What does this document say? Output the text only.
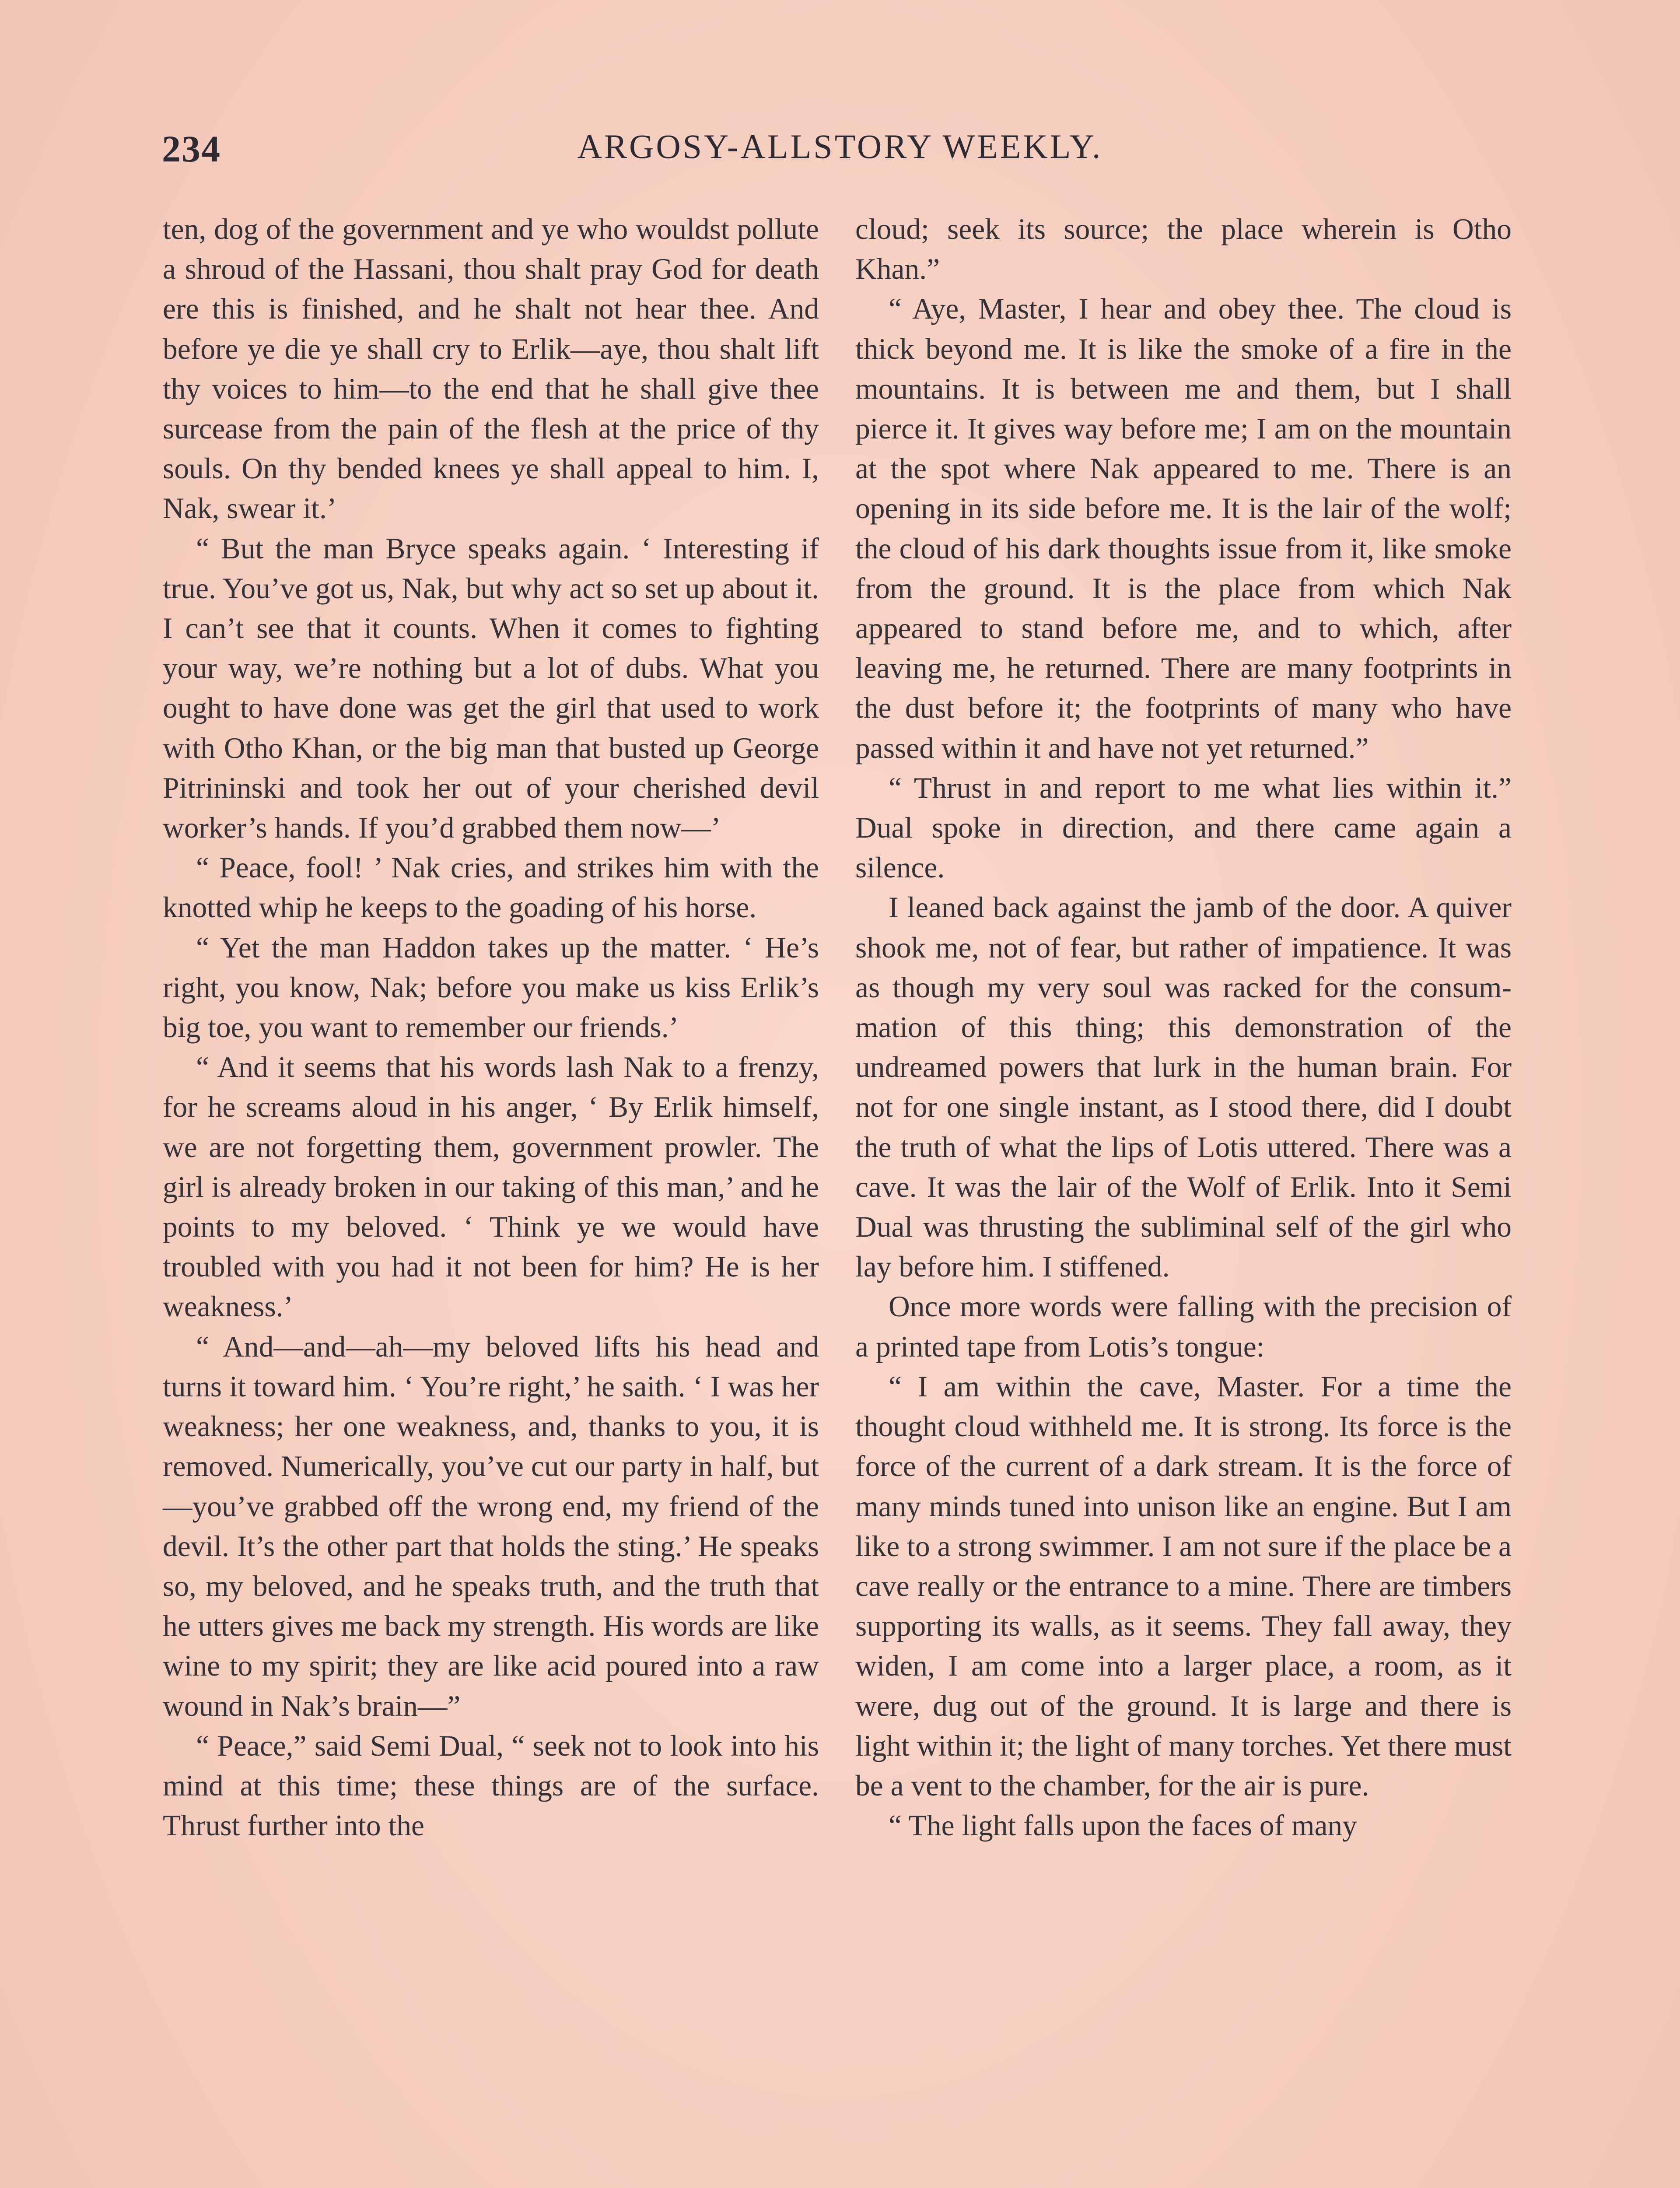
234	ARGOSY-ALLSTORY WEEKLY.

ten, dog of the government and ye who wouldst pollute a shroud of the Hassani, thou shalt pray God for death ere this is finished, and he shalt not hear thee. And before ye die ye shall cry to Erlik—aye, thou shalt lift thy voices to him—to the end that he shall give thee surcease from the pain of the flesh at the price of thy souls. On thy bended knees ye shall appeal to him. I, Nak, swear it.’

“ But the man Bryce speaks again. ‘ Interesting if true. You’ve got us, Nak, but why act so set up about it. I can’t see that it counts. When it comes to fighting your way, we’re nothing but a lot of dubs. What you ought to have done was get the girl that used to work with Otho Khan, or the big man that busted up George Pitrininski and took her out of your cherished devil worker’s hands. If you’d grabbed them now—’

“ Peace, fool! ’ Nak cries, and strikes him with the knotted whip he keeps to the goading of his horse.

“ Yet the man Haddon takes up the matter. ‘ He’s right, you know, Nak; before you make us kiss Erlik’s big toe, you want to remember our friends.’

“ And it seems that his words lash Nak to a frenzy, for he screams aloud in his anger, ‘ By Erlik himself, we are not forgetting them, government prowler. The girl is already broken in our taking of this man,’ and he points to my beloved. ‘ Think ye we would have troubled with you had it not been for him? He is her weakness.’

“ And—and—ah—my beloved lifts his head and turns it toward him. ‘ You’re right,’ he saith. ‘ I was her weakness; her one weakness, and, thanks to you, it is removed. Numerically, you’ve cut our party in half, but—you’ve grabbed off the wrong end, my friend of the devil. It’s the other part that holds the sting.’ He speaks so, my beloved, and he speaks truth, and the truth that he utters gives me back my strength. His words are like wine to my spirit; they are like acid poured into a raw wound in Nak’s brain—”

“ Peace,” said Semi Dual, “ seek not to look into his mind at this time; these things are of the surface. Thrust further into the

cloud; seek its source; the place wherein is Otho Khan.”

“ Aye, Master, I hear and obey thee. The cloud is thick beyond me. It is like the smoke of a fire in the mountains. It is between me and them, but I shall pierce it. It gives way before me; I am on the mountain at the spot where Nak appeared to me. There is an opening in its side before me. It is the lair of the wolf; the cloud of his dark thoughts issue from it, like smoke from the ground. It is the place from which Nak appeared to stand before me, and to which, after leaving me, he returned. There are many footprints in the dust before it; the footprints of many who have passed within it and have not yet returned.”

“ Thrust in and report to me what lies within it.” Dual spoke in direction, and there came again a silence.

I leaned back against the jamb of the door. A quiver shook me, not of fear, but rather of impatience. It was as though my very soul was racked for the consummation of this thing; this demonstration of the undreamed powers that lurk in the human brain. For not for one single instant, as I stood there, did I doubt the truth of what the lips of Lotis uttered. There was a cave. It was the lair of the Wolf of Erlik. Into it Semi Dual was thrusting the subliminal self of the girl who lay before him. I stiffened.

Once more words were falling with the precision of a printed tape from Lotis’s tongue:

“ I am within the cave, Master. For a time the thought cloud withheld me. It is strong. Its force is the force of the current of a dark stream. It is the force of many minds tuned into unison like an engine. But I am like to a strong swimmer. I am not sure if the place be a cave really or the entrance to a mine. There are timbers supporting its walls, as it seems. They fall away, they widen, I am come into a larger place, a room, as it were, dug out of the ground. It is large and there is light within it; the light of many torches. Yet there must be a vent to the chamber, for the air is pure.

“ The light falls upon the faces of many
